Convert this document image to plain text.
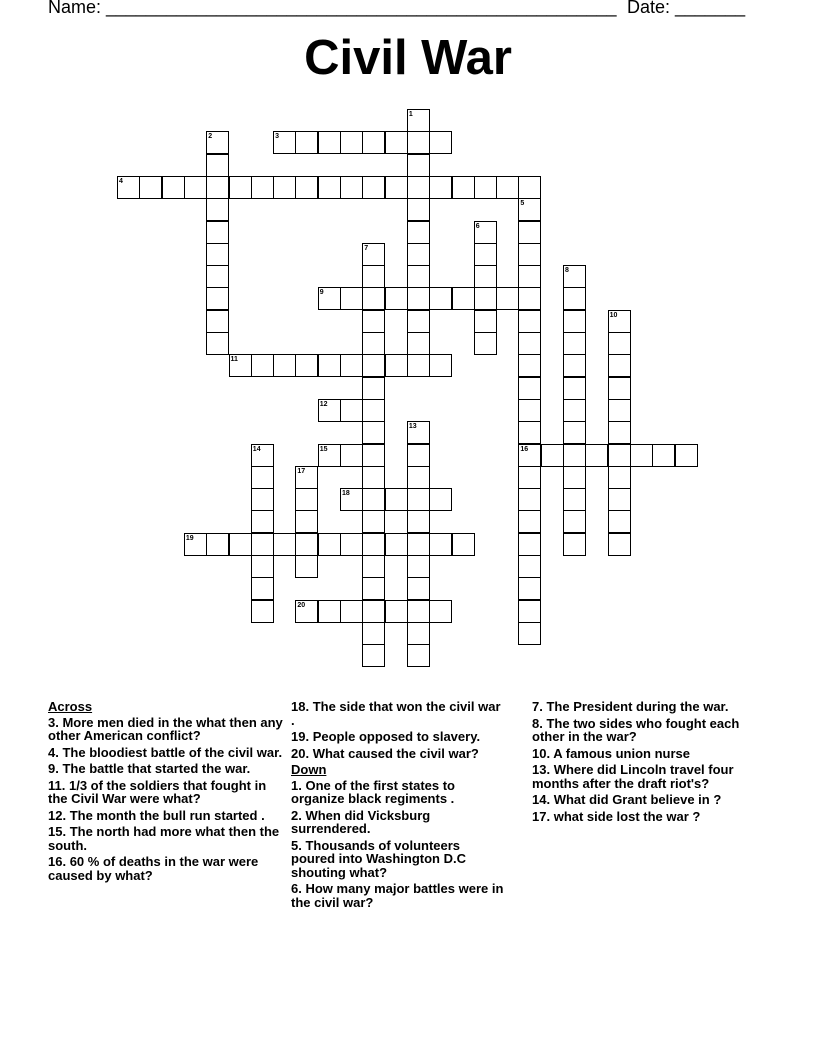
Name: ___________________________________________________ Date: _______
Civil War
1
2	3
4
5
6
7
8
9
10
11
12
13
14	15	16
17
18
19
20
Across
3. More men died in the what then any other American conflict?
4. The bloodiest battle of the civil war.
9. The battle that started the war.
11. 1/3 of the soldiers that fought in the Civil War were what?
12. The month the bull run started .
15. The north had more what then the south.
16. 60 % of deaths in the war were caused by what?
18. The side that won the civil war .
19. People opposed to slavery.
20. What caused the civil war?
Down
1. One of the first states to organize black regiments .
2. When did Vicksburg surrendered.
5. Thousands of volunteers poured into Washington D.C shouting what?
6. How many major battles were in the civil war?
7. The President during the war.
8. The two sides who fought each other in the war?
10. A famous union nurse
13. Where did Lincoln travel four months after the draft riot's?
14. What did Grant believe in ?
17. what side lost the war ?
